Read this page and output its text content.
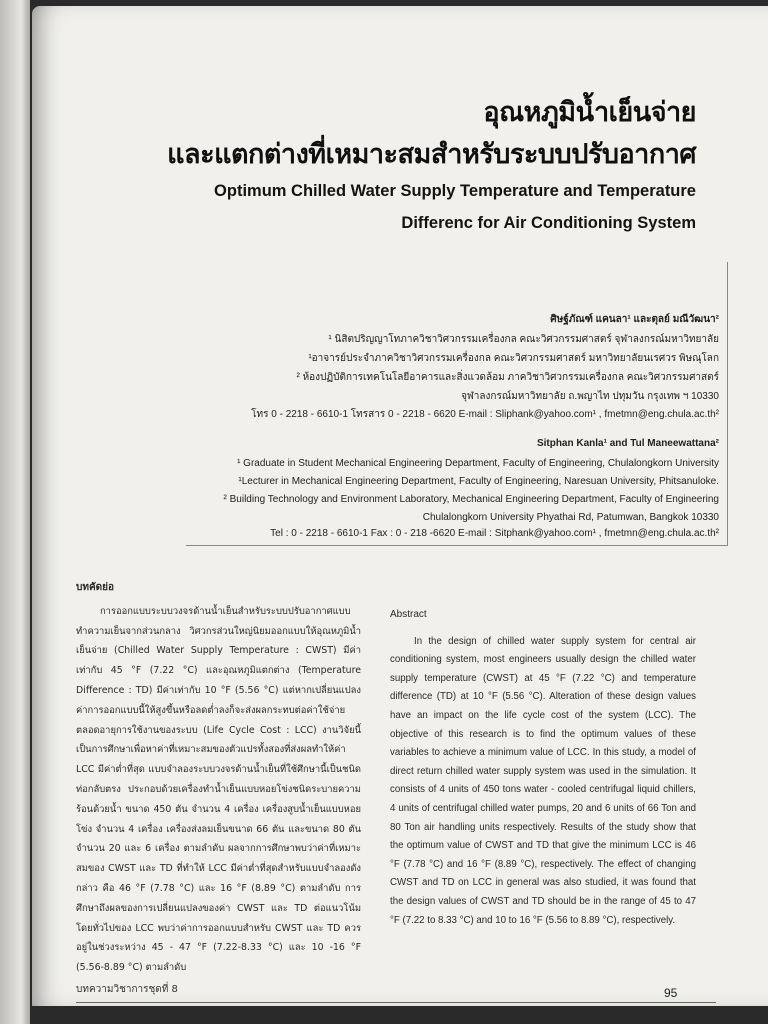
อุณหภูมิน้ำเย็นจ่าย
และแตกต่างที่เหมาะสมสำหรับระบบปรับอากาศ
Optimum Chilled Water Supply Temperature and Temperature
Differenc for Air Conditioning System
ศิษฐ์ภัณฑ์ แคนลา¹ และตุลย์ มณีวัฒนา²
¹ นิสิตปริญญาโทภาควิชาวิศวกรรมเครื่องกล คณะวิศวกรรมศาสตร์ จุฬาลงกรณ์มหาวิทยาลัย
¹อาจารย์ประจำภาควิชาวิศวกรรมเครื่องกล คณะวิศวกรรมศาสตร์ มหาวิทยาลัยนเรศวร พิษณุโลก
² ห้องปฏิบัติการเทคโนโลยีอาคารและสิ่งแวดล้อม ภาควิชาวิศวกรรมเครื่องกล คณะวิศวกรรมศาสตร์
จุฬาลงกรณ์มหาวิทยาลัย ถ.พญาไท ปทุมวัน กรุงเทพ ฯ 10330
โทร 0 - 2218 - 6610-1 โทรสาร 0 - 2218 - 6620 E-mail : Sliphank@yahoo.com¹ , fmetmn@eng.chula.ac.th²
Sitphan Kanla¹ and Tul Maneewattana²
¹ Graduate in Student Mechanical Engineering Department, Faculty of Engineering, Chulalongkorn University
¹Lecturer in Mechanical Engineering Department, Faculty of Engineering, Naresuan University, Phitsanuloke.
² Building Technology and Environment Laboratory, Mechanical Engineering Department, Faculty of Engineering
Chulalongkorn University Phyathai Rd, Patumwan, Bangkok 10330
Tel : 0 - 2218 - 6610-1 Fax : 0 - 218 -6620 E-mail : Sitphank@yahoo.com¹ , fmetmn@eng.chula.ac.th²
บทคัดย่อ

การออกแบบระบบวงจรด้านน้ำเย็นสำหรับระบบปรับอากาศแบบทำความเย็นจากส่วนกลาง วิศวกรส่วนใหญ่นิยมออกแบบให้อุณหภูมิน้ำเย็นจ่าย (Chilled Water Supply Temperature : CWST) มีค่าเท่ากับ 45 °F (7.22 °C) และอุณหภูมิแตกต่าง (Temperature Difference : TD) มีค่าเท่ากับ 10 °F (5.56 °C) แต่หากเปลี่ยนแปลงค่าการออกแบบนี้ให้สูงขึ้นหรือลดต่ำลงก็จะส่งผลกระทบต่อค่าใช้จ่ายตลอดอายุการใช้งานของระบบ (Life Cycle Cost : LCC) งานวิจัยนี้เป็นการศึกษาเพื่อหาค่าที่เหมาะสมของตัวแปรทั้งสองที่ส่งผลทำให้ค่า LCC มีค่าต่ำที่สุด แบบจำลองระบบวงจรด้านน้ำเย็นที่ใช้ศึกษานี้เป็นชนิดท่อกลับตรง ประกอบด้วยเครื่องทำน้ำเย็นแบบหอยโข่งชนิดระบายความร้อนด้วยน้ำ ขนาด 450 ตัน จำนวน 4 เครื่อง เครื่องสูบน้ำเย็นแบบหอยโข่ง จำนวน 4 เครื่อง เครื่องส่งลมเย็นขนาด 66 ตัน และขนาด 80 ตัน จำนวน 20 และ 6 เครื่อง ตามลำดับ ผลจากการศึกษาพบว่าค่าที่เหมาะสมของ CWST และ TD ที่ทำให้ LCC มีค่าต่ำที่สุดสำหรับแบบจำลองดังกล่าว คือ 46 °F (7.78 °C) และ 16 °F (8.89 °C) ตามลำดับ การศึกษาถึงผลของการเปลี่ยนแปลงของค่า CWST และ TD ต่อแนวโน้มโดยทั่วไปของ LCC พบว่าค่าการออกแบบสำหรับ CWST และ TD ควรอยู่ในช่วงระหว่าง 45 - 47 °F (7.22-8.33 °C) และ 10 -16 °F (5.56-8.89 °C) ตามลำดับ

Abstract

In the design of chilled water supply system for central air conditioning system, most engineers usually design the chilled water supply temperature (CWST) at 45 °F (7.22 °C) and temperature difference (TD) at 10 °F (5.56 °C). Alteration of these design values have an impact on the life cycle cost of the system (LCC). The objective of this research is to find the optimum values of these variables to achieve a minimum value of LCC. In this study, a model of direct return chilled water supply system was used in the simulation. It consists of 4 units of 450 tons water - cooled centrifugal liquid chillers, 4 units of centrifugal chilled water pumps, 20 and 6 units of 66 Ton and 80 Ton air handling units respectively. Results of the study show that the optimum value of CWST and TD that give the minimum LCC is 46 °F (7.78 °C) and 16 °F (8.89 °C), respectively. The effect of changing CWST and TD on LCC in general was also studied, it was found that the design values of CWST and TD should be in the range of 45 to 47 °F (7.22 to 8.33 °C) and 10 to 16 °F (5.56 to 8.89 °C), respectively.

บทความวิชาการชุดที่ 8	95
